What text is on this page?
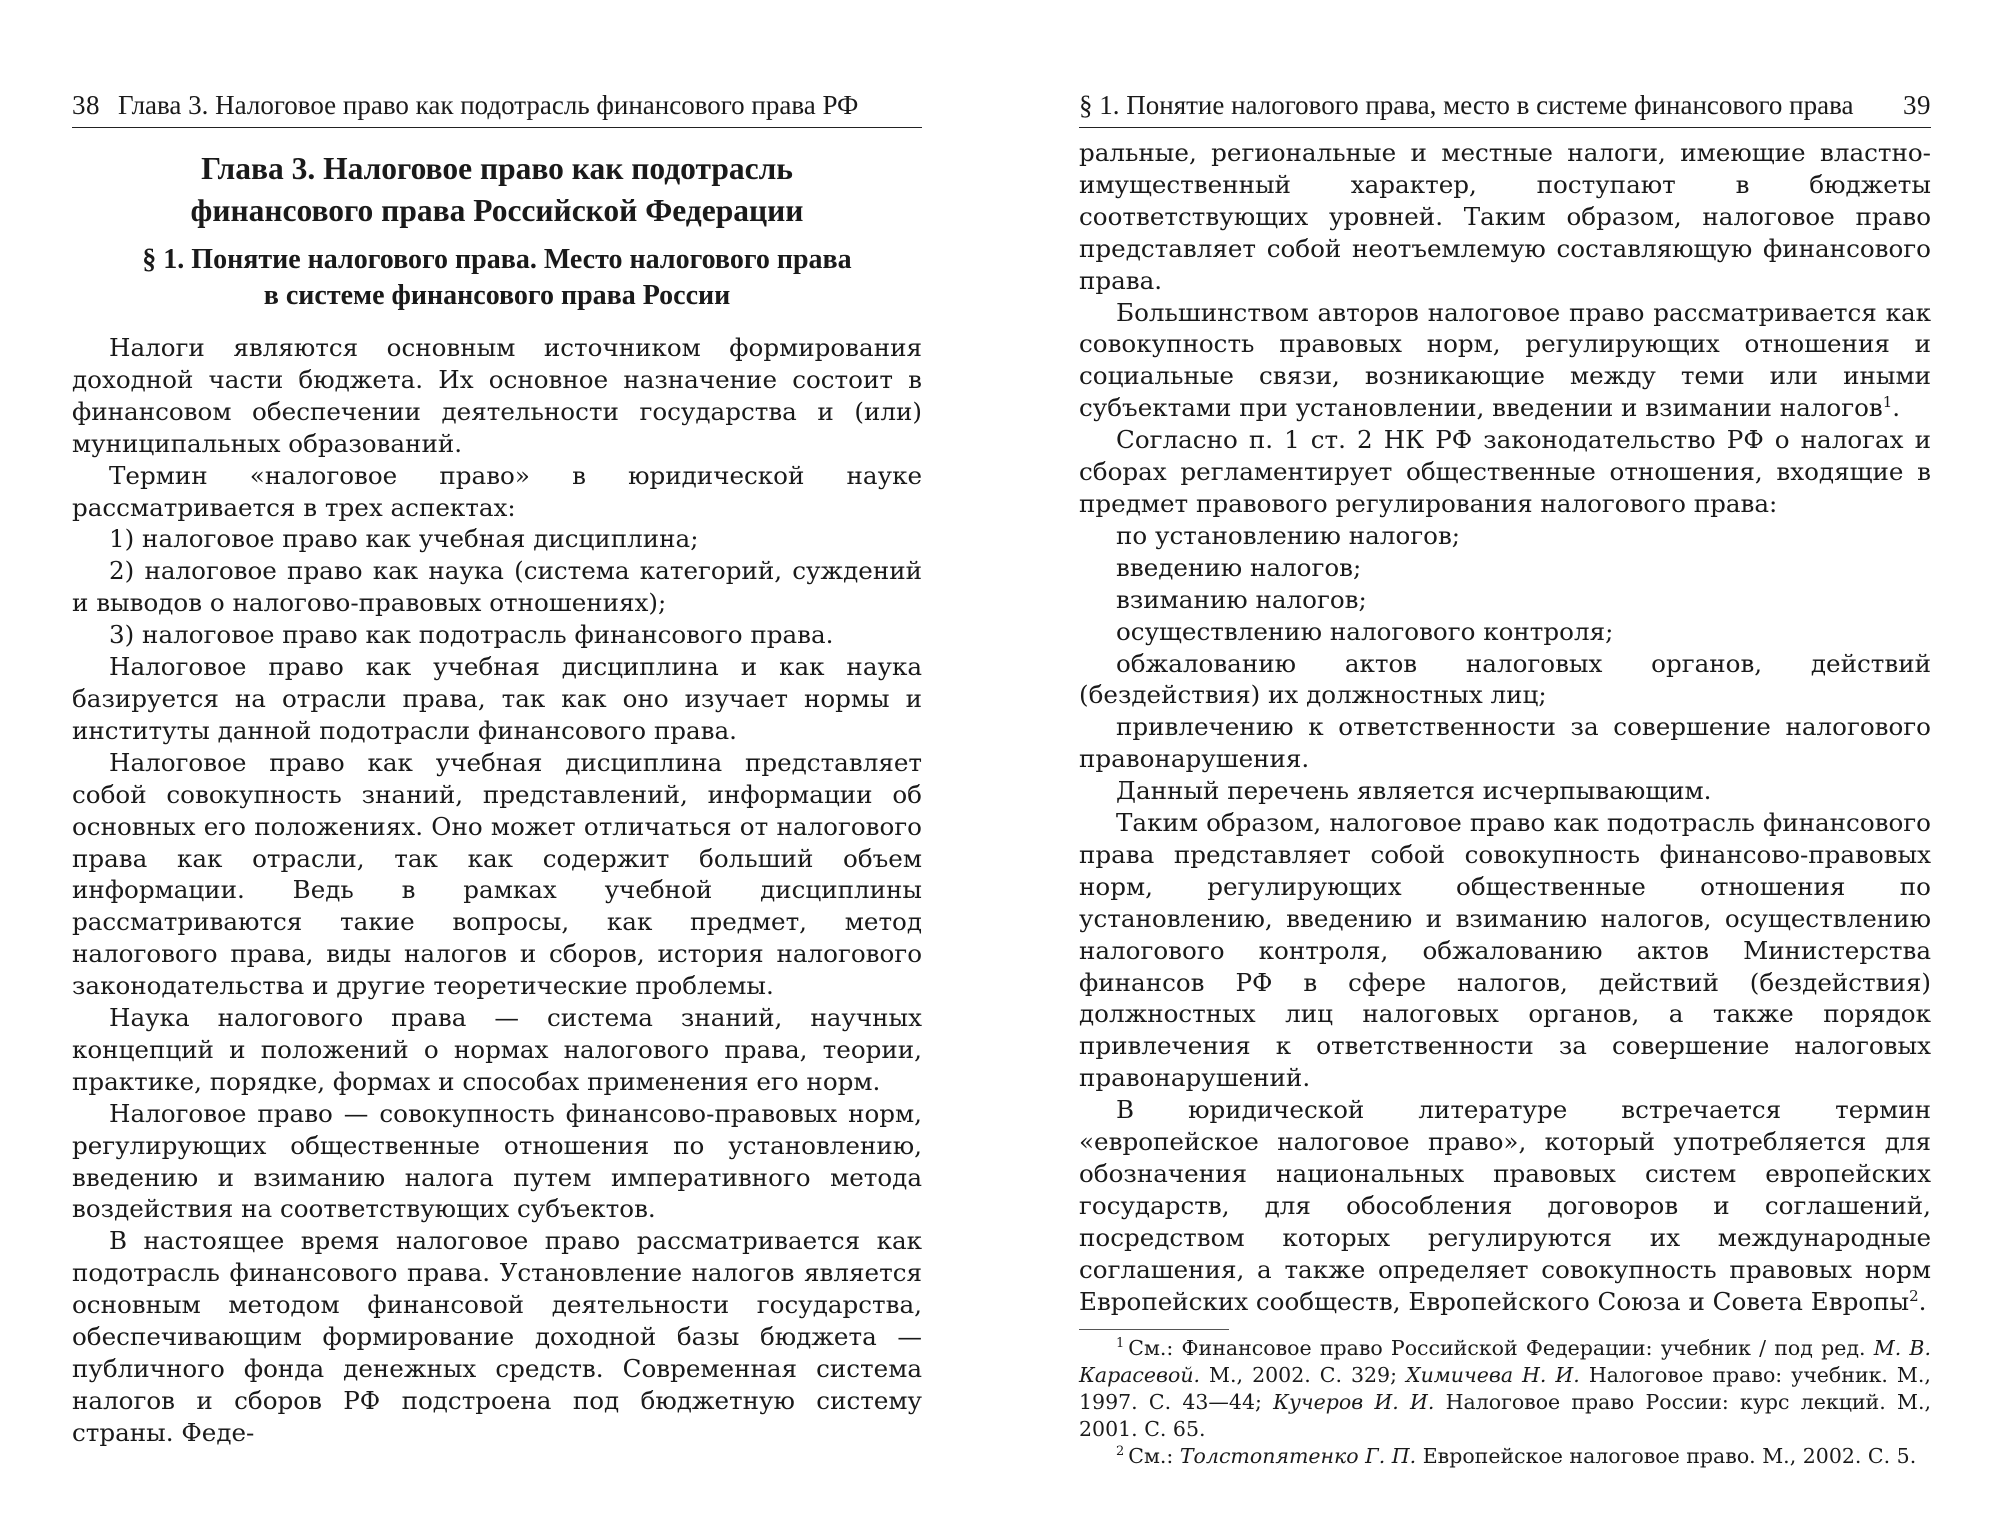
38 Глава 3. Налоговое право как подотрасль финансового права РФ
Глава 3. Налоговое право как подотрасль
финансового права Российской Федерации
§ 1. Понятие налогового права. Место налогового права
в системе финансового права России

Налоги являются основным источником формирования доходной части бюджета. Их основное назначение состоит в финансовом обеспечении деятельности государства и (или) муниципальных образований.

Термин «налоговое право» в юридической науке рассматривается в трех аспектах:

1) налоговое право как учебная дисциплина;

2) налоговое право как наука (система категорий, суждений и выводов о налогово-правовых отношениях);

3) налоговое право как подотрасль финансового права.

Налоговое право как учебная дисциплина и как наука базируется на отрасли права, так как оно изучает нормы и институты данной подотрасли финансового права.

Налоговое право как учебная дисциплина представляет собой совокупность знаний, представлений, информации об основных его положениях. Оно может отличаться от налогового права как отрасли, так как содержит больший объем информации. Ведь в рамках учебной дисциплины рассматриваются такие вопросы, как предмет, метод налогового права, виды налогов и сборов, история налогового законодательства и другие теоретические проблемы.

Наука налогового права — система знаний, научных концепций и положений о нормах налогового права, теории, практике, порядке, формах и способах применения его норм.

Налоговое право — совокупность финансово-правовых норм, регулирующих общественные отношения по установлению, введению и взиманию налога путем императивного метода воздействия на соответствующих субъектов.

В настоящее время налоговое право рассматривается как подотрасль финансового права. Установление налогов является основным методом финансовой деятельности государства, обеспечивающим формирование доходной базы бюджета — публичного фонда денежных средств. Современная система налогов и сборов РФ подстроена под бюджетную систему страны. Феде-

§ 1. Понятие налогового права, место в системе финансового права 39

ральные, региональные и местные налоги, имеющие властно-имущественный характер, поступают в бюджеты соответствующих уровней. Таким образом, налоговое право представляет собой неотъемлемую составляющую финансового права.

Большинством авторов налоговое право рассматривается как совокупность правовых норм, регулирующих отношения и социальные связи, возникающие между теми или иными субъектами при установлении, введении и взимании налогов$^1$.

Согласно п. 1 ст. 2 НК РФ законодательство РФ о налогах и сборах регламентирует общественные отношения, входящие в предмет правового регулирования налогового права:

по установлению налогов;

введению налогов;

взиманию налогов;

осуществлению налогового контроля;

обжалованию актов налоговых органов, действий (бездействия) их должностных лиц;

привлечению к ответственности за совершение налогового правонарушения.

Данный перечень является исчерпывающим.

Таким образом, налоговое право как подотрасль финансового права представляет собой совокупность финансово-правовых норм, регулирующих общественные отношения по установлению, введению и взиманию налогов, осуществлению налогового контроля, обжалованию актов Министерства финансов РФ в сфере налогов, действий (бездействия) должностных лиц налоговых органов, а также порядок привлечения к ответственности за совершение налоговых правонарушений.

В юридической литературе встречается термин «европейское налоговое право», который употребляется для обозначения национальных правовых систем европейских государств, для обособления договоров и соглашений, посредством которых регулируются их международные соглашения, а также определяет совокупность правовых норм Европейских сообществ, Европейского Союза и Совета Европы$^2$.

$^1$ См.: Финансовое право Российской Федерации: учебник / под ред. М. В. Карасевой. М., 2002. С. 329; Химичева Н. И. Налоговое право: учебник. М., 1997. С. 43—44; Кучеров И. И. Налоговое право России: курс лекций. М., 2001. С. 65.

$^2$ См.: Толстопятенко Г. П. Европейское налоговое право. М., 2002. С. 5.
